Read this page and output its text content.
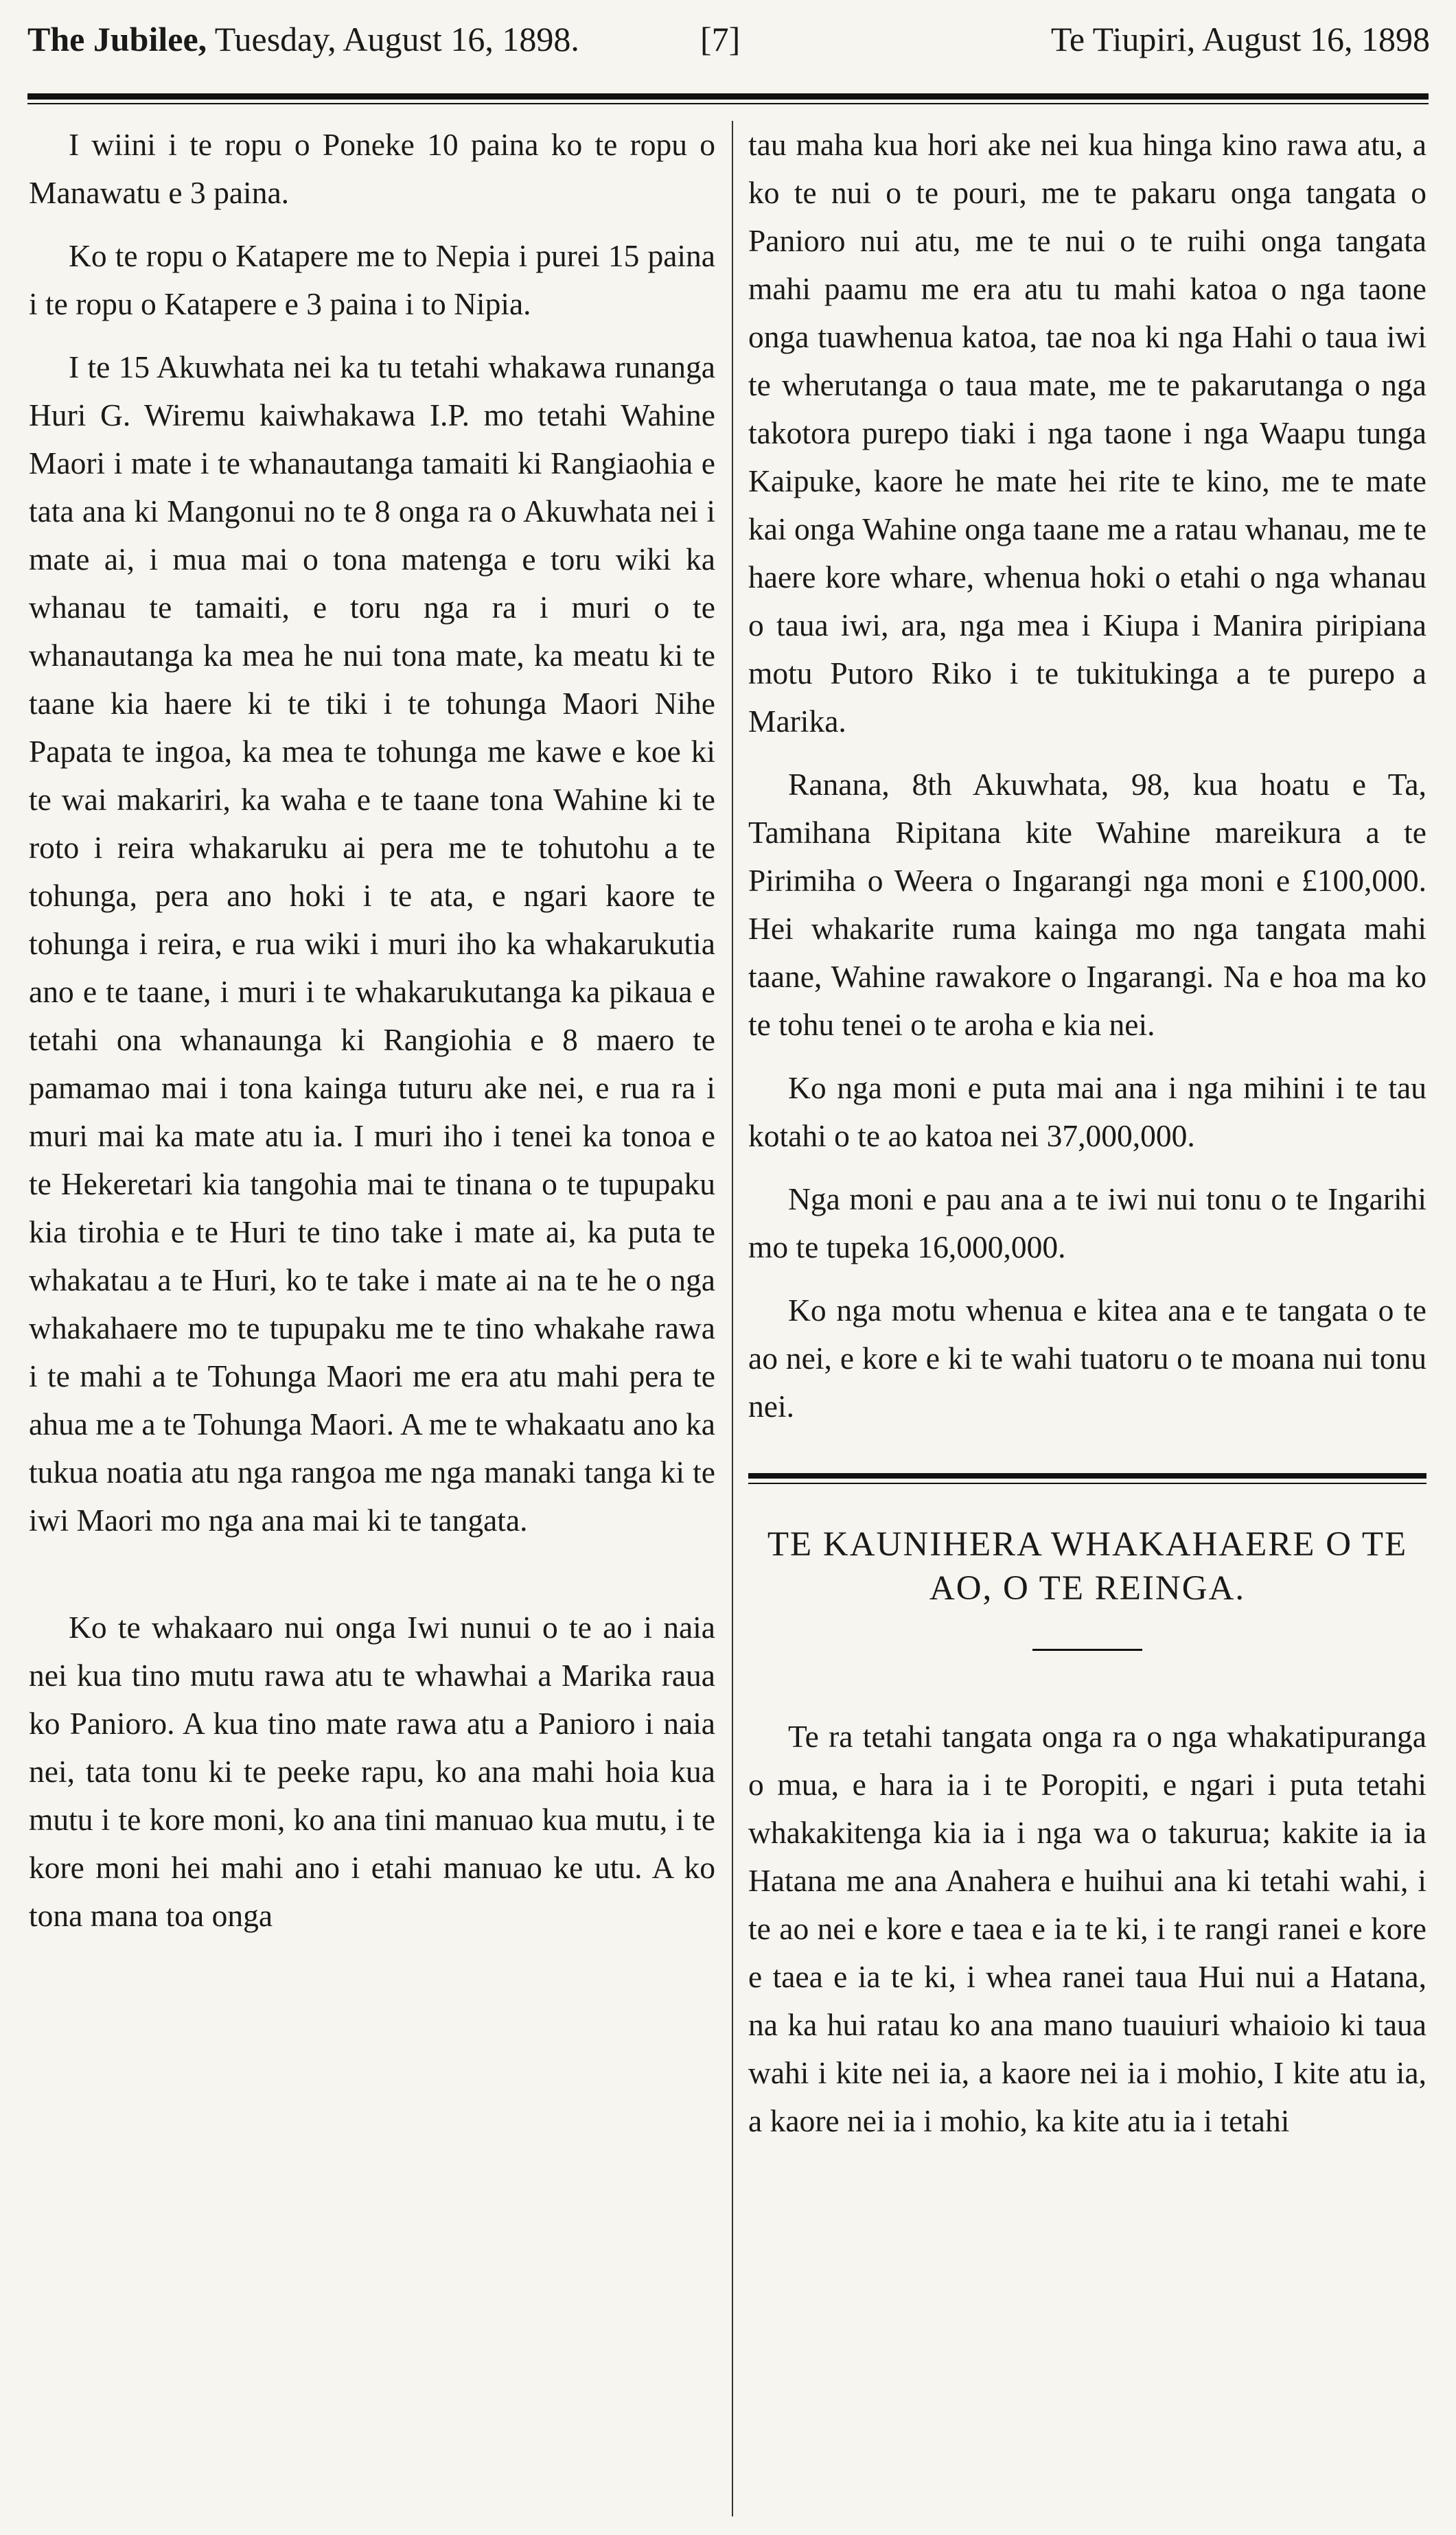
The Jubilee, Tuesday, August 16, 1898.	[7]	Te Tiupiri, August 16, 1898

I wiini i te ropu o Poneke 10 paina ko te ropu o Manawatu e 3 paina.

Ko te ropu o Katapere me to Nepia i purei 15 paina i te ropu o Katapere e 3 paina i to Nipia.

I te 15 Akuwhata nei ka tu tetahi whakawa runanga Huri G. Wiremu kaiwhakawa I.P. mo tetahi Wahine Maori i mate i te whanautanga tamaiti ki Rangiaohia e tata ana ki Mangonui no te 8 onga ra o Akuwhata nei i mate ai, i mua mai o tona matenga e toru wiki ka whanau te tamaiti, e toru nga ra i muri o te whanautanga ka mea he nui tona mate, ka meatu ki te taane kia haere ki te tiki i te tohunga Maori Nihe Papata te ingoa, ka mea te tohunga me kawe e koe ki te wai makariri, ka waha e te taane tona Wahine ki te roto i reira whakaruku ai pera me te tohutohu a te tohunga, pera ano hoki i te ata, e ngari kaore te tohunga i reira, e rua wiki i muri iho ka whakarukutia ano e te taane, i muri i te whakarukutanga ka pikaua e tetahi ona whanaunga ki Rangiohia e 8 maero te pamamao mai i tona kainga tuturu ake nei, e rua ra i muri mai ka mate atu ia. I muri iho i tenei ka tonoa e te Hekeretari kia tangohia mai te tinana o te tupupaku kia tirohia e te Huri te tino take i mate ai, ka puta te whakatau a te Huri, ko te take i mate ai na te he o nga whakahaere mo te tupupaku me te tino whakahe rawa i te mahi a te Tohunga Maori me era atu mahi pera te ahua me a te Tohunga Maori. A me te whakaatu ano ka tukua noatia atu nga rangoa me nga manaki tanga ki te iwi Maori mo nga ana mai ki te tangata.

Ko te whakaaro nui onga Iwi nunui o te ao i naia nei kua tino mutu rawa atu te whawhai a Marika raua ko Panioro. A kua tino mate rawa atu a Panioro i naia nei, tata tonu ki te peeke rapu, ko ana mahi hoia kua mutu i te kore moni, ko ana tini manuao kua mutu, i te kore moni hei mahi ano i etahi manuao ke utu. A ko tona mana toa onga

tau maha kua hori ake nei kua hinga kino rawa atu, a ko te nui o te pouri, me te pakaru onga tangata o Panioro nui atu, me te nui o te ruihi onga tangata mahi paamu me era atu tu mahi katoa o nga taone onga tuawhenua katoa, tae noa ki nga Hahi o taua iwi te wherutanga o taua mate, me te pakarutanga o nga takotora purepo tiaki i nga taone i nga Waapu tunga Kaipuke, kaore he mate hei rite te kino, me te mate kai onga Wahine onga taane me a ratau whanau, me te haere kore whare, whenua hoki o etahi o nga whanau o taua iwi, ara, nga mea i Kiupa i Manira piripiana motu Putoro Riko i te tukitukinga a te purepo a Marika.

Ranana, 8th Akuwhata, 98, kua hoatu e Ta, Tamihana Ripitana kite Wahine mareikura a te Pirimiha o Weera o Ingarangi nga moni e £100,000. Hei whakarite ruma kainga mo nga tangata mahi taane, Wahine rawakore o Ingarangi. Na e hoa ma ko te tohu tenei o te aroha e kia nei.

Ko nga moni e puta mai ana i nga mihini i te tau kotahi o te ao katoa nei 37,000,000.

Nga moni e pau ana a te iwi nui tonu o te Ingarihi mo te tupeka 16,000,000.

Ko nga motu whenua e kitea ana e te tangata o te ao nei, e kore e ki te wahi tuatoru o te moana nui tonu nei.

TE KAUNIHERA WHAKAHAERE O TE AO, O TE REINGA.

Te ra tetahi tangata onga ra o nga whakatipuranga o mua, e hara ia i te Poropiti, e ngari i puta tetahi whakakitenga kia ia i nga wa o takurua; kakite ia ia Hatana me ana Anahera e huihui ana ki tetahi wahi, i te ao nei e kore e taea e ia te ki, i te rangi ranei e kore e taea e ia te ki, i whea ranei taua Hui nui a Hatana, na ka hui ratau ko ana mano tuauiuri whaioio ki taua wahi i kite nei ia, a kaore nei ia i mohio, I kite atu ia, a kaore nei ia i mohio, ka kite atu ia i tetahi
